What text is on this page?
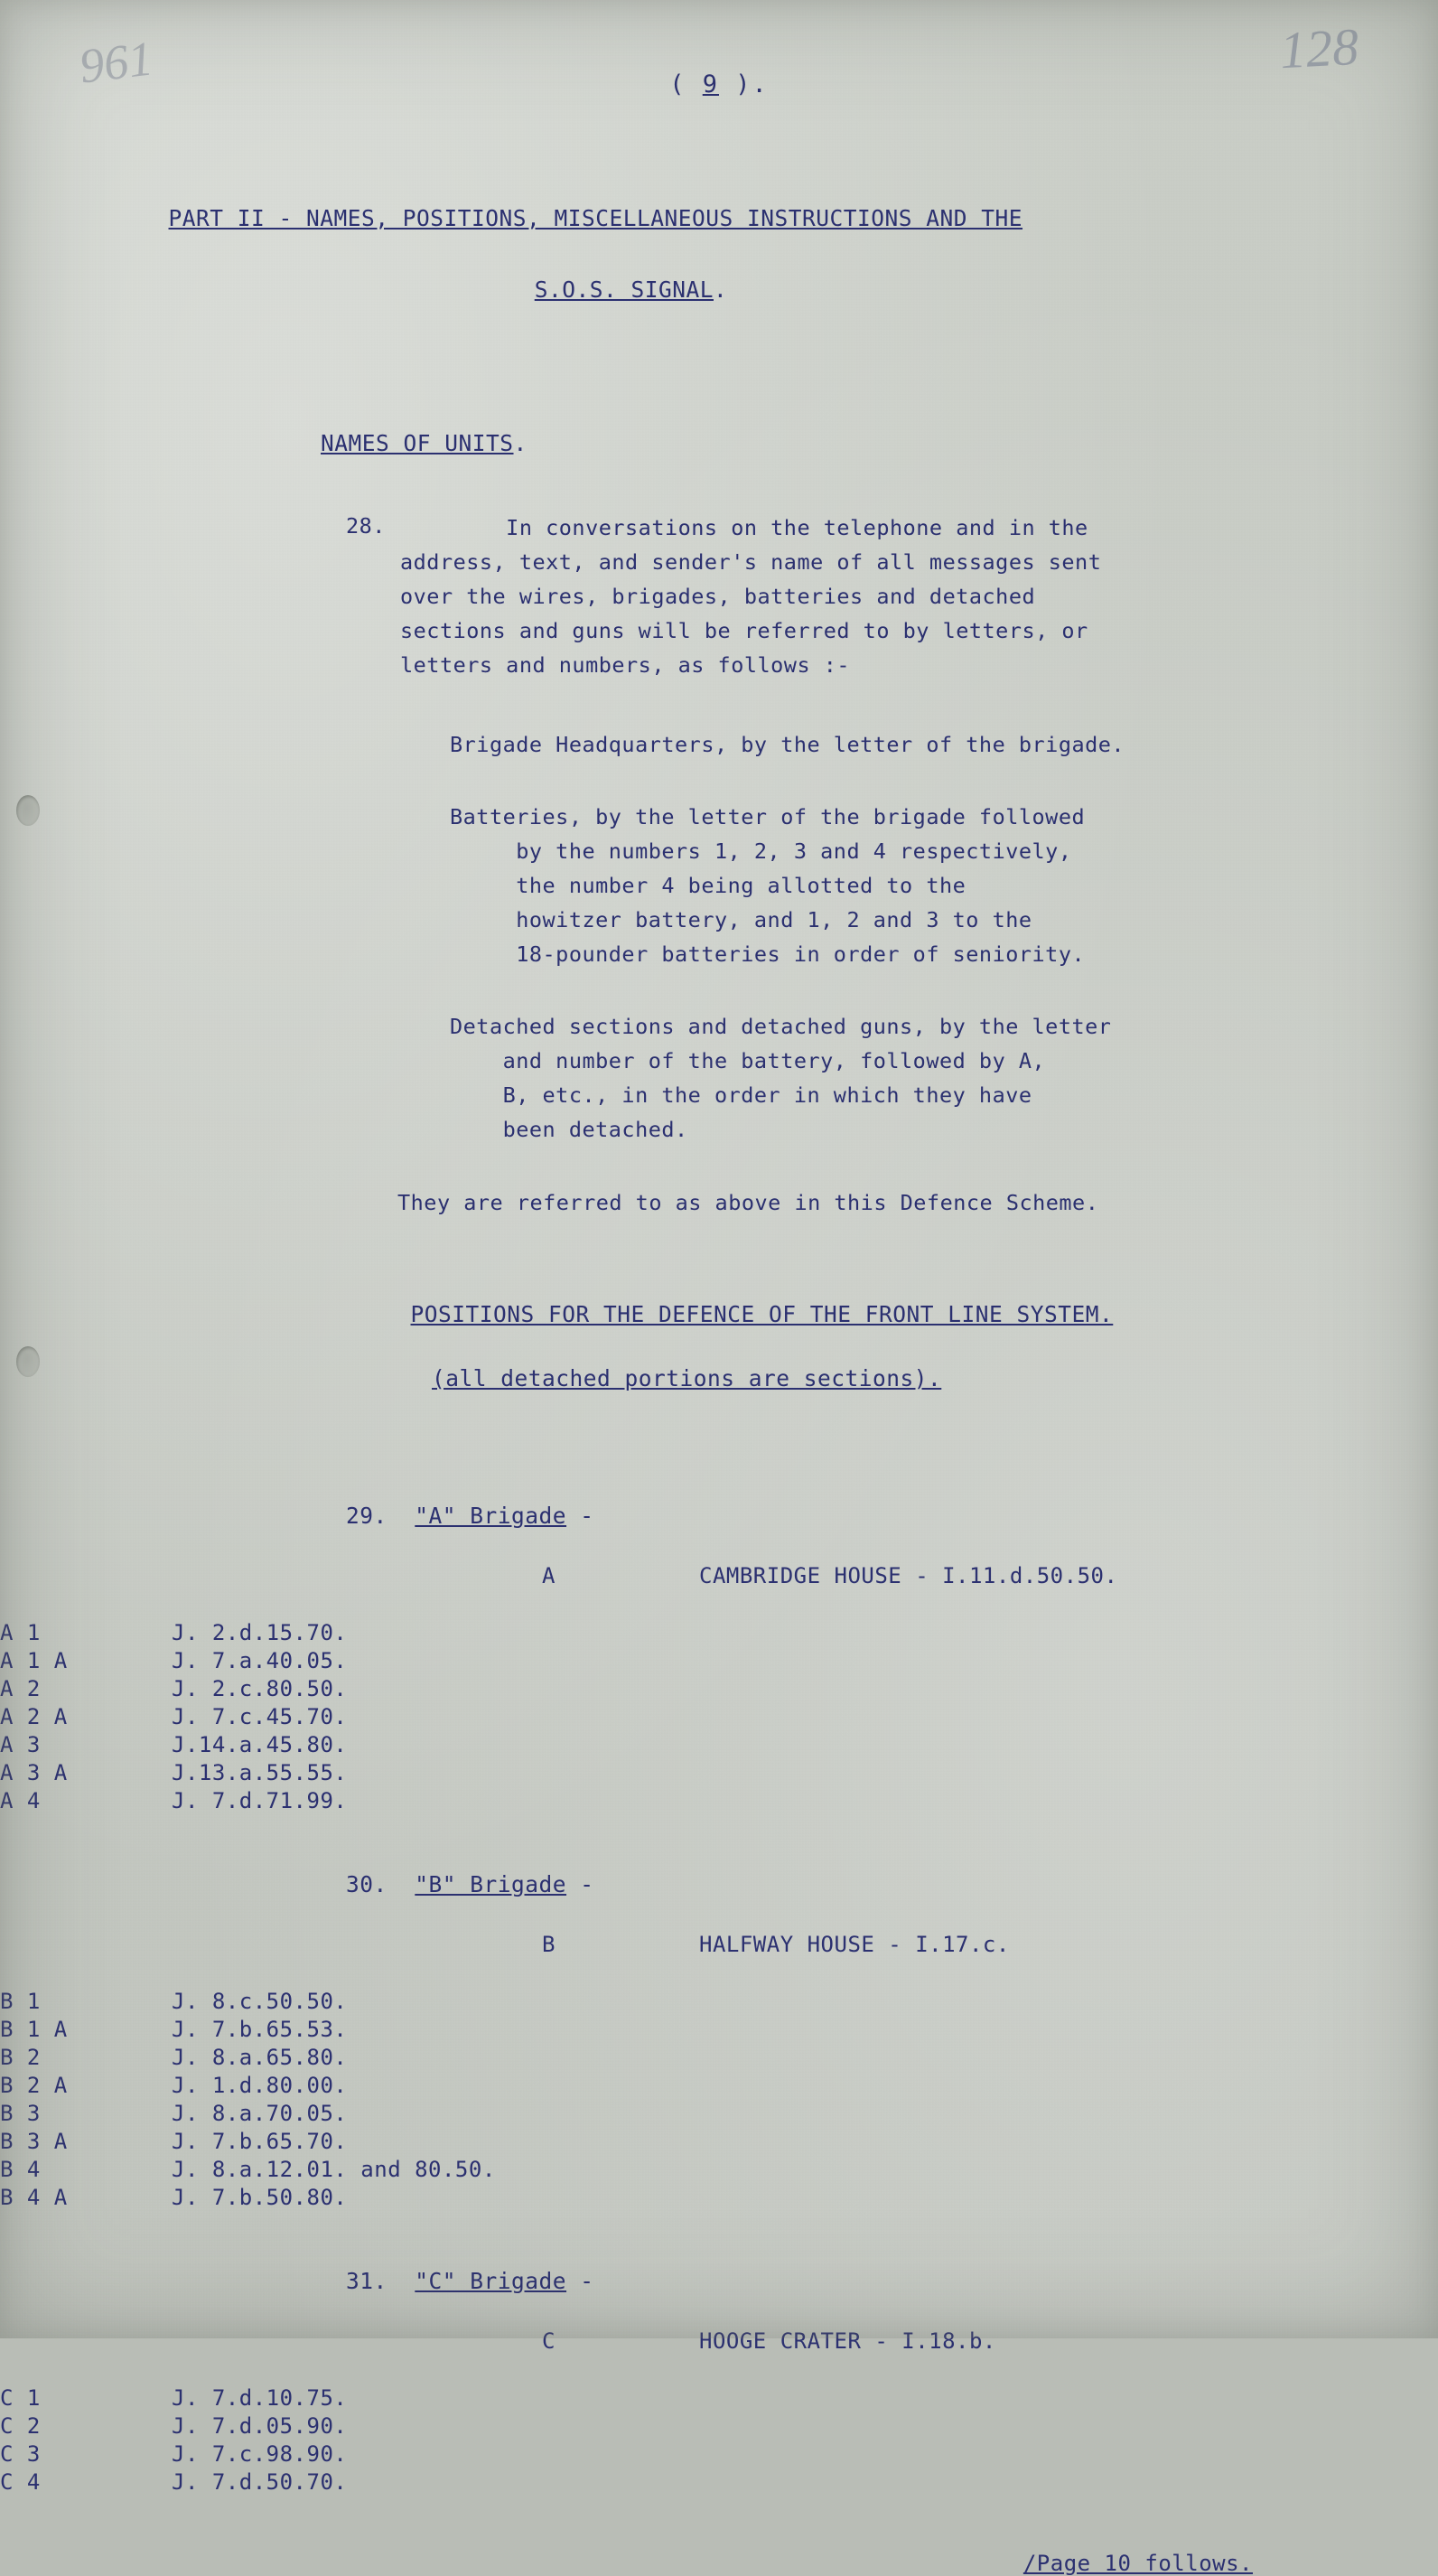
961	128
( 9 ).

PART II - NAMES, POSITIONS, MISCELLANEOUS INSTRUCTIONS AND THE

S.O.S. SIGNAL.

NAMES OF UNITS.
28. In conversations on the telephone and in the
address, text, and sender's name of all messages sent
over the wires, brigades, batteries and detached
sections and guns will be referred to by letters, or
letters and numbers, as follows :-
Brigade Headquarters, by the letter of the brigade.
Batteries, by the letter of the brigade followed
by the numbers 1, 2, 3 and 4 respectively,
the number 4 being allotted to the
howitzer battery, and 1, 2 and 3 to the
18-pounder batteries in order of seniority.
Detached sections and detached guns, by the letter
and number of the battery, followed by A,
B, etc., in the order in which they have
been detached.
They are referred to as above in this Defence Scheme.

POSITIONS FOR THE DEFENCE OF THE FRONT LINE SYSTEM.

(all detached portions are sections).

29. "A" Brigade -
A	CAMBRIDGE HOUSE - I.11.d.50.50.
A 1	J. 2.d.15.70.
A 1 A	J. 7.a.40.05.
A 2	J. 2.c.80.50.
A 2 A	J. 7.c.45.70.
A 3	J.14.a.45.80.
A 3 A	J.13.a.55.55.
A 4	J. 7.d.71.99.
30. "B" Brigade -
B	HALFWAY HOUSE - I.17.c.
B 1	J. 8.c.50.50.
B 1 A	J. 7.b.65.53.
B 2	J. 8.a.65.80.
B 2 A	J. 1.d.80.00.
B 3	J. 8.a.70.05.
B 3 A	J. 7.b.65.70.
B 4	J. 8.a.12.01. and 80.50.
B 4 A	J. 7.b.50.80.
31. "C" Brigade -
C	HOOGE CRATER - I.18.b.
C 1	J. 7.d.10.75.
C 2	J. 7.d.05.90.
C 3	J. 7.c.98.90.
C 4	J. 7.d.50.70.
/Page 10 follows.
